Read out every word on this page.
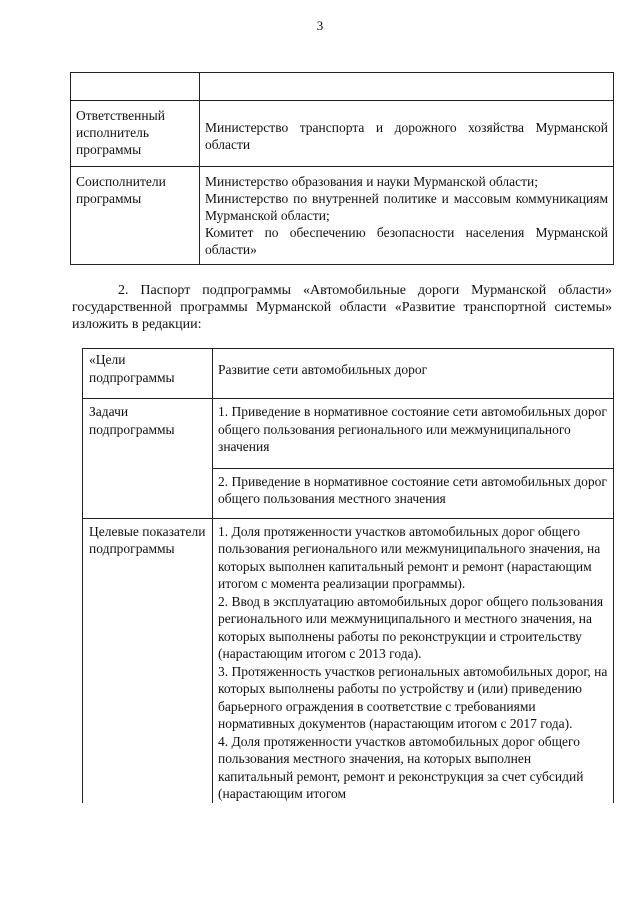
3

Ответственный исполнитель программы	Министерство транспорта и дорожного хозяйства Мурманской области
Соисполнители программы	Министерство образования и науки Мурманской области;

Министерство по внутренней политике и массовым коммуникациям Мурманской области;

Комитет по обеспечению безопасности населения Мурманской области»

2. Паспорт подпрограммы «Автомобильные дороги Мурманской области» государственной программы Мурманской области «Развитие транспортной системы» изложить в редакции:
«Цели подпрограммы	Развитие сети автомобильных дорог
Задачи подпрограммы	1. Приведение в нормативное состояние сети автомобильных дорог общего пользования регионального или межмуниципального значения
	2. Приведение в нормативное состояние сети автомобильных дорог общего пользования местного значения
Целевые показатели подпрограммы	1. Доля протяженности участков автомобильных дорог общего пользования регионального или межмуниципального значения, на которых выполнен капитальный ремонт и ремонт (нарастающим итогом с момента реализации программы).

2. Ввод в эксплуатацию автомобильных дорог общего пользования регионального или межмуниципального и местного значения, на которых выполнены работы по реконструкции и строительству (нарастающим итогом с 2013 года).

3. Протяженность участков региональных автомобильных дорог, на которых выполнены работы по устройству и (или) приведению барьерного ограждения в соответствие с требованиями нормативных документов (нарастающим итогом с 2017 года).

4. Доля протяженности участков автомобильных дорог общего пользования местного значения, на которых выполнен капитальный ремонт, ремонт и реконструкция за счет субсидий (нарастающим итогом
